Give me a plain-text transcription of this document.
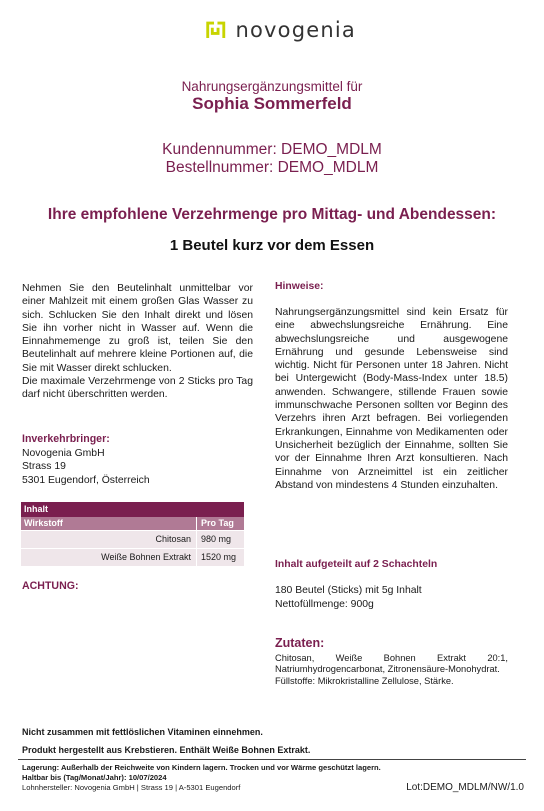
novogenia
Nahrungsergänzungsmittel für
Sophia Sommerfeld
Kundennummer: DEMO_MDLM
Bestellnummer: DEMO_MDLM
Ihre empfohlene Verzehrmenge pro Mittag- und Abendessen:
1 Beutel kurz vor dem Essen
Nehmen Sie den Beutelinhalt unmittelbar vor einer Mahlzeit mit einem großen Glas Wasser zu sich. Schlucken Sie den Inhalt direkt und lösen Sie ihn vorher nicht in Wasser auf. Wenn die Einnahmemenge zu groß ist, teilen Sie den Beutelinhalt auf mehrere kleine Portionen auf, die Sie mit Wasser direkt schlucken.
Die maximale Verzehrmenge von 2 Sticks pro Tag darf nicht überschritten werden.
Inverkehrbringer:
Novogenia GmbH
Strass 19
5301 Eugendorf, Österreich
Inhalt
Wirkstoff	Pro Tag
Chitosan	980 mg
Weiße Bohnen Extrakt	1520 mg
ACHTUNG:
Hinweise:
Nahrungsergänzungsmittel sind kein Ersatz für eine abwechslungsreiche Ernährung. Eine abwechslungsreiche und ausgewogene Ernährung und gesunde Lebensweise sind wichtig. Nicht für Personen unter 18 Jahren. Nicht bei Untergewicht (Body-Mass-Index unter 18.5) anwenden. Schwangere, stillende Frauen sowie immunschwache Personen sollten vor Beginn des Verzehrs ihren Arzt befragen. Bei vorliegenden Erkrankungen, Einnahme von Medikamenten oder Unsicherheit bezüglich der Einnahme, sollten Sie vor der Einnahme Ihren Arzt konsultieren. Nach Einnahme von Arzneimittel ist ein zeitlicher Abstand von mindestens 4 Stunden einzuhalten.
Inhalt aufgeteilt auf 2 Schachteln
180 Beutel (Sticks) mit 5g Inhalt
Nettofüllmenge: 900g
Zutaten:
Chitosan, Weiße Bohnen Extrakt 20:1, Natriumhydrogencarbonat, Zitronensäure-Monohydrat.
Füllstoffe: Mikrokristalline Zellulose, Stärke.
Nicht zusammen mit fettlöslichen Vitaminen einnehmen.
Produkt hergestellt aus Krebstieren. Enthält Weiße Bohnen Extrakt.
Lagerung: Außerhalb der Reichweite von Kindern lagern. Trocken und vor Wärme geschützt lagern.
Haltbar bis (Tag/Monat/Jahr): 10/07/2024
Lohnhersteller: Novogenia GmbH | Strass 19 | A-5301 Eugendorf	Lot:DEMO_MDLM/NW/1.0
